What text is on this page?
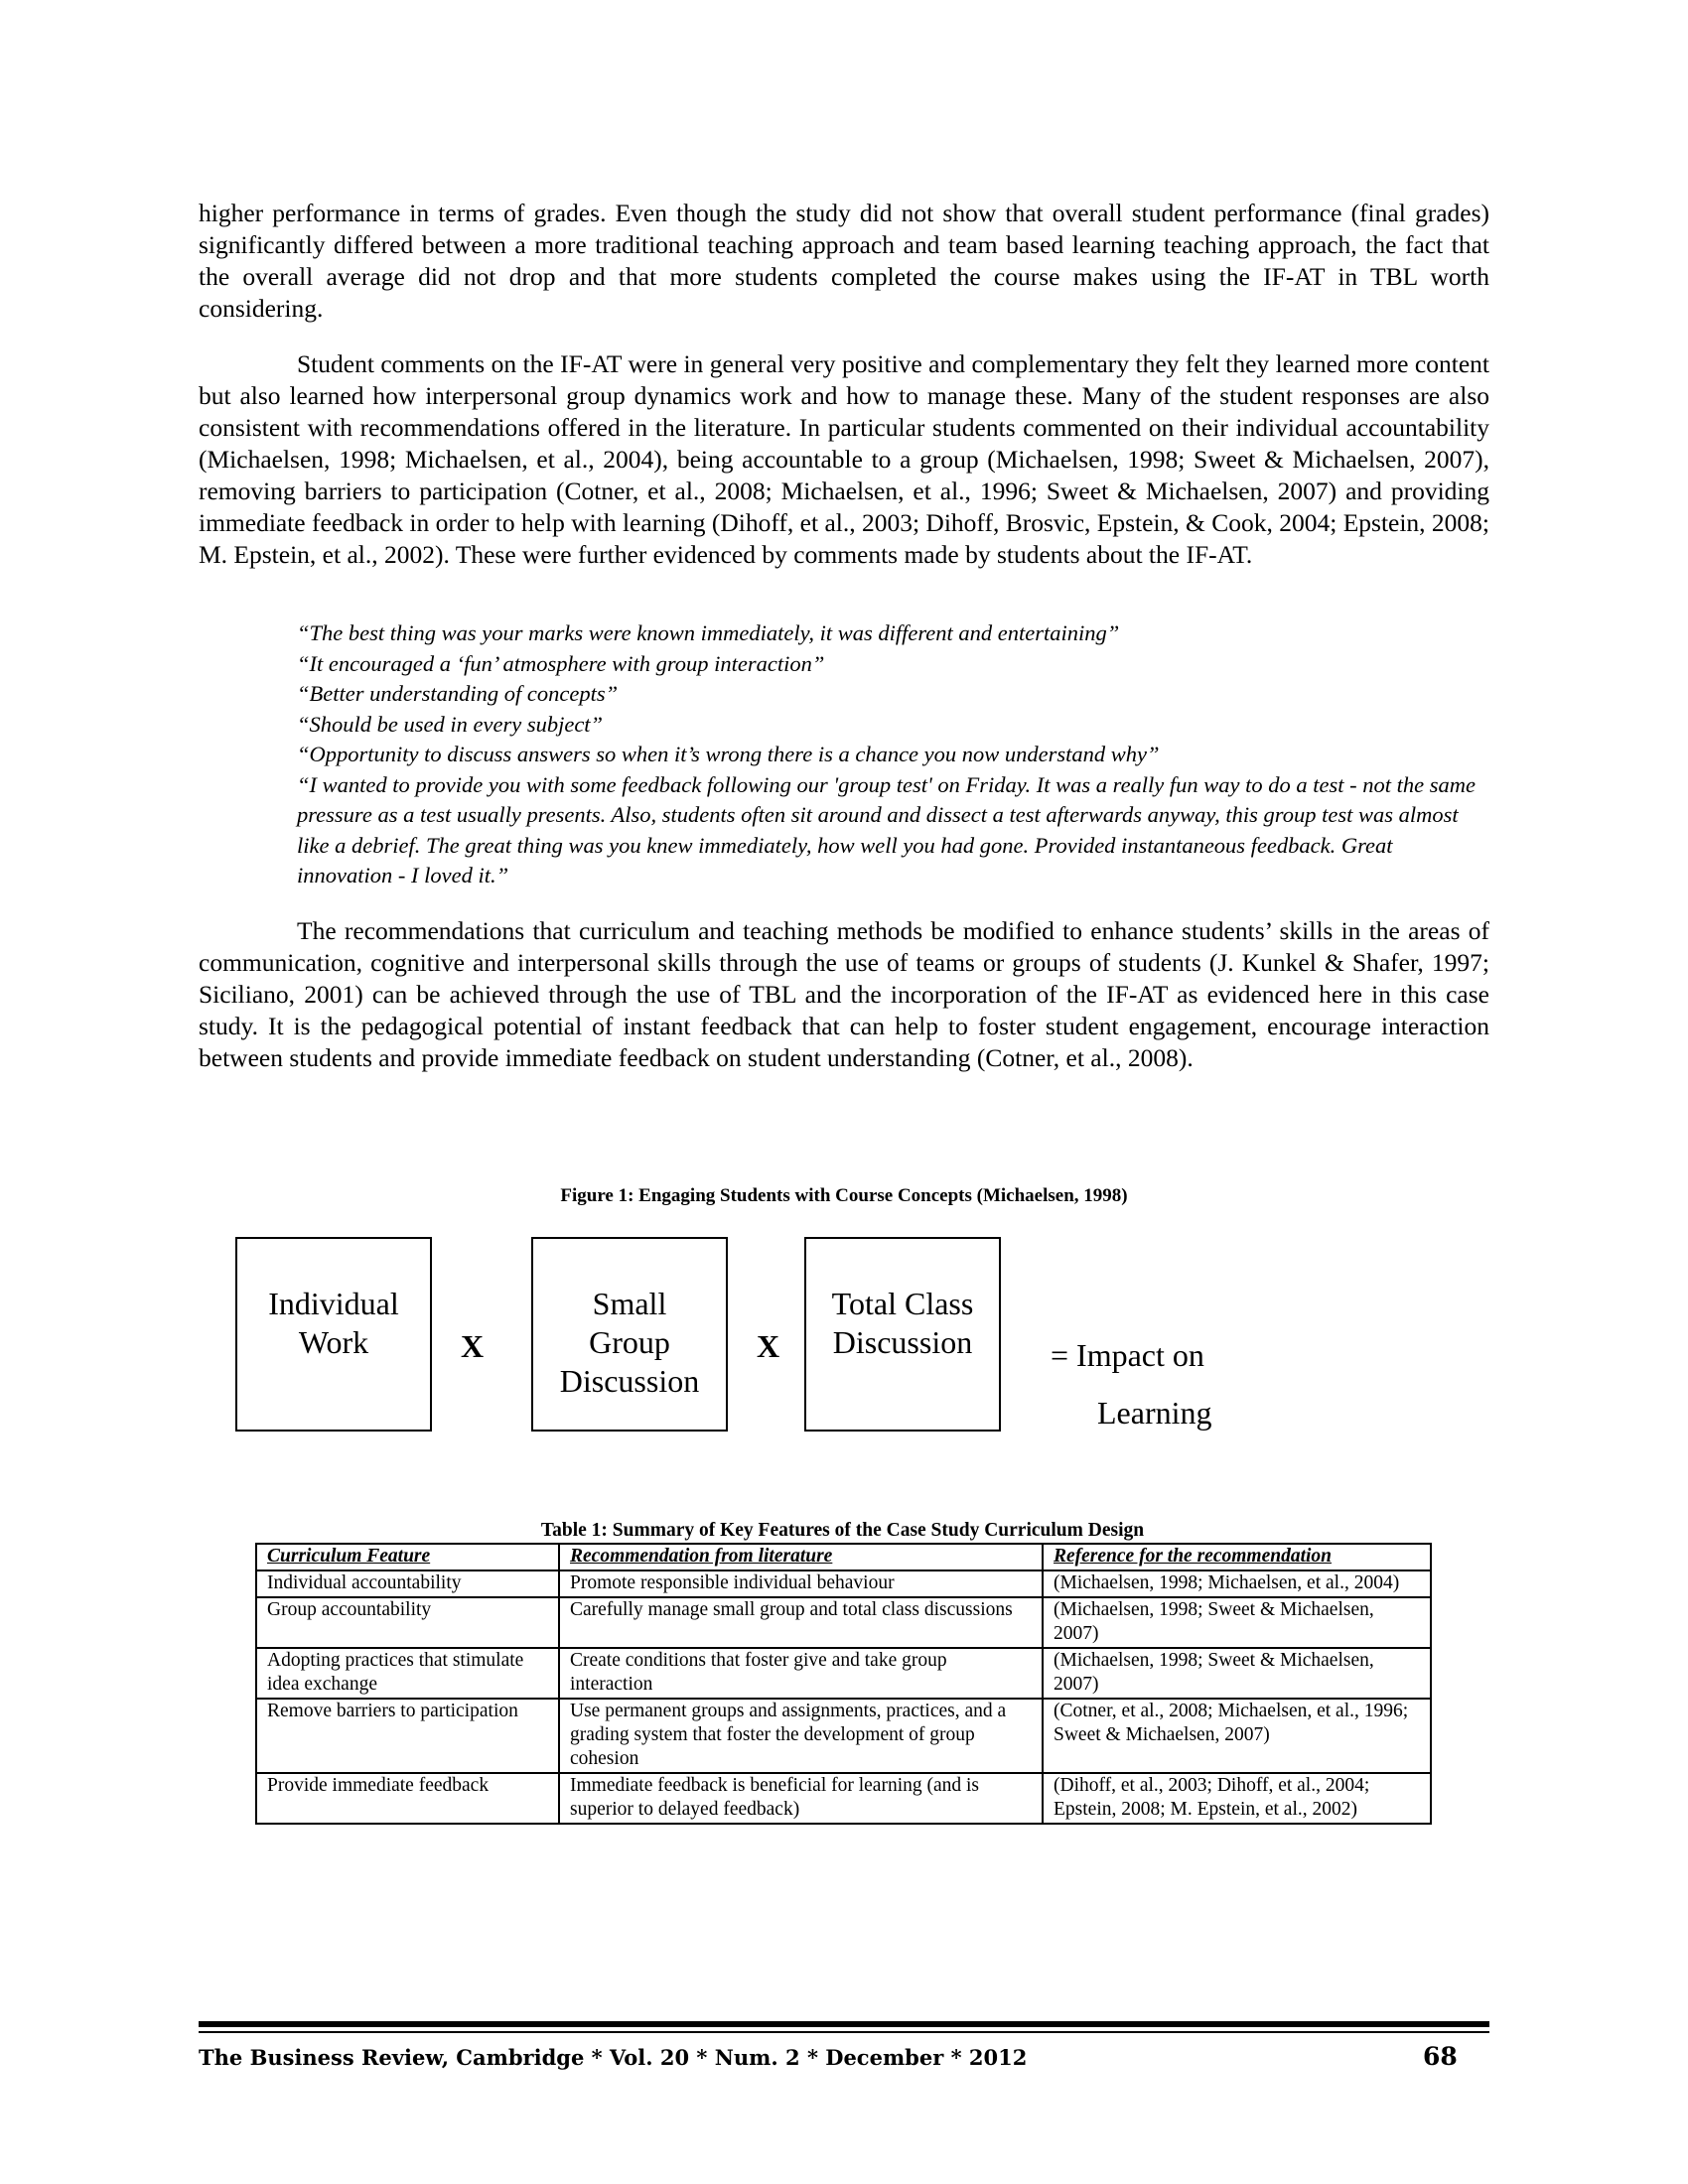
higher performance in terms of grades. Even though the study did not show that overall student performance (final grades) significantly differed between a more traditional teaching approach and team based learning teaching approach, the fact that the overall average did not drop and that more students completed the course makes using the IF-AT in TBL worth considering.

Student comments on the IF-AT were in general very positive and complementary they felt they learned more content but also learned how interpersonal group dynamics work and how to manage these. Many of the student responses are also consistent with recommendations offered in the literature. In particular students commented on their individual accountability (Michaelsen, 1998; Michaelsen, et al., 2004), being accountable to a group (Michaelsen, 1998; Sweet & Michaelsen, 2007), removing barriers to participation (Cotner, et al., 2008; Michaelsen, et al., 1996; Sweet & Michaelsen, 2007) and providing immediate feedback in order to help with learning (Dihoff, et al., 2003; Dihoff, Brosvic, Epstein, & Cook, 2004; Epstein, 2008; M. Epstein, et al., 2002). These were further evidenced by comments made by students about the IF-AT.

“The best thing was your marks were known immediately, it was different and entertaining”

“It encouraged a ‘fun’ atmosphere with group interaction”

“Better understanding of concepts”

“Should be used in every subject”

“Opportunity to discuss answers so when it’s wrong there is a chance you now understand why”

“I wanted to provide you with some feedback following our 'group test' on Friday. It was a really fun way to do a test - not the same pressure as a test usually presents. Also, students often sit around and dissect a test afterwards anyway, this group test was almost like a debrief. The great thing was you knew immediately, how well you had gone. Provided instantaneous feedback. Great innovation - I loved it.”

The recommendations that curriculum and teaching methods be modified to enhance students’ skills in the areas of communication, cognitive and interpersonal skills through the use of teams or groups of students (J. Kunkel & Shafer, 1997; Siciliano, 2001) can be achieved through the use of TBL and the incorporation of the IF-AT as evidenced here in this case study. It is the pedagogical potential of instant feedback that can help to foster student engagement, encourage interaction between students and provide immediate feedback on student understanding (Cotner, et al., 2008).

Figure 1: Engaging Students with Course Concepts (Michaelsen, 1998)
Individual
Work	X
Small
Group
Discussion
X
Total Class
Discussion	= Impact on
Learning
Table 1: Summary of Key Features of the Case Study Curriculum Design
Curriculum Feature	Recommendation from literature	Reference for the recommendation
Individual accountability	Promote responsible individual behaviour	(Michaelsen, 1998; Michaelsen, et al., 2004)
Group accountability	Carefully manage small group and total class discussions	(Michaelsen, 1998; Sweet & Michaelsen, 2007)
Adopting practices that stimulate idea exchange	Create conditions that foster give and take group interaction	(Michaelsen, 1998; Sweet & Michaelsen, 2007)
Remove barriers to participation	Use permanent groups and assignments, practices, and a grading system that foster the development of group cohesion	(Cotner, et al., 2008; Michaelsen, et al., 1996; Sweet & Michaelsen, 2007)
Provide immediate feedback	Immediate feedback is beneficial for learning (and is superior to delayed feedback)	(Dihoff, et al., 2003; Dihoff, et al., 2004; Epstein, 2008; M. Epstein, et al., 2002)
The Business Review, Cambridge * Vol. 20 * Num. 2 * December * 2012	68
